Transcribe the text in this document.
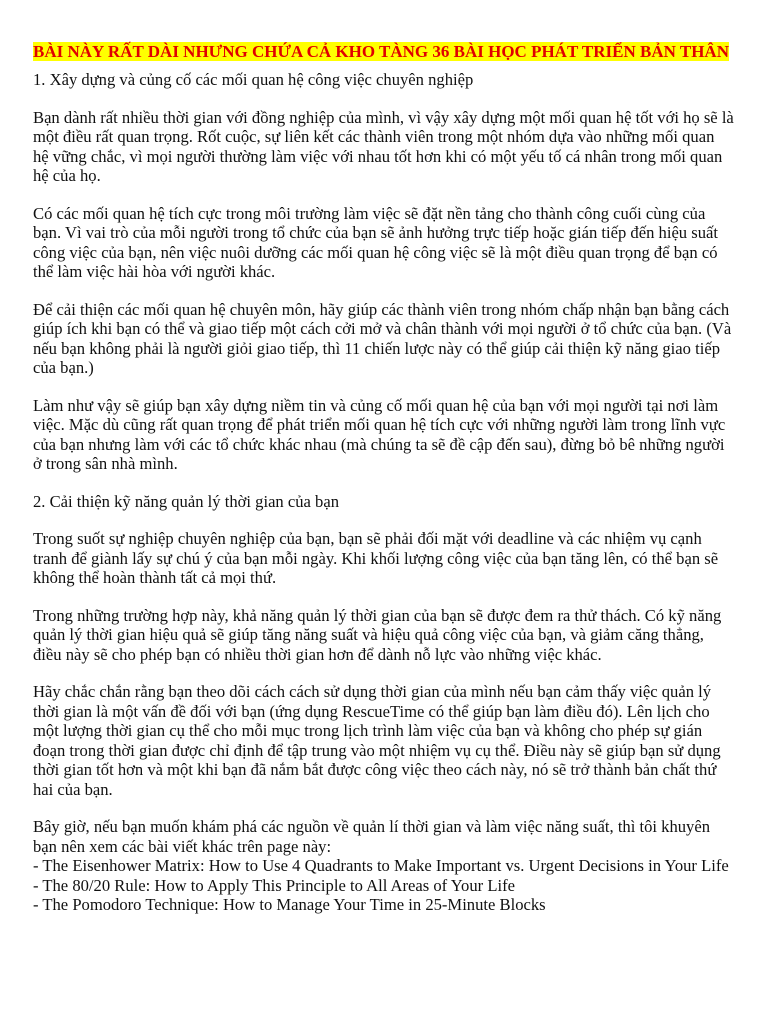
BÀI NÀY RẤT DÀI NHƯNG CHỨA CẢ KHO TÀNG 36 BÀI HỌC PHÁT TRIỂN BẢN THÂN

1. Xây dựng và củng cố các mối quan hệ công việc chuyên nghiệp

Bạn dành rất nhiều thời gian với đồng nghiệp của mình, vì vậy xây dựng một mối quan hệ tốt với họ sẽ là một điều rất quan trọng. Rốt cuộc, sự liên kết các thành viên trong một nhóm dựa vào những mối quan hệ vững chắc, vì mọi người thường làm việc với nhau tốt hơn khi có một yếu tố cá nhân trong mối quan hệ của họ.

Có các mối quan hệ tích cực trong môi trường làm việc sẽ đặt nền tảng cho thành công cuối cùng của bạn. Vì vai trò của mỗi người trong tổ chức của bạn sẽ ảnh hưởng trực tiếp hoặc gián tiếp đến hiệu suất công việc của bạn, nên việc nuôi dưỡng các mối quan hệ công việc sẽ là một điều quan trọng để bạn có thể làm việc hài hòa với người khác.

Để cải thiện các mối quan hệ chuyên môn, hãy giúp các thành viên trong nhóm chấp nhận bạn bằng cách giúp ích khi bạn có thể và giao tiếp một cách cởi mở và chân thành với mọi người ở tổ chức của bạn. (Và nếu bạn không phải là người giỏi giao tiếp, thì 11 chiến lược này có thể giúp cải thiện kỹ năng giao tiếp của bạn.)

Làm như vậy sẽ giúp bạn xây dựng niềm tin và củng cố mối quan hệ của bạn với mọi người tại nơi làm việc. Mặc dù cũng rất quan trọng để phát triển mối quan hệ tích cực với những người làm trong lĩnh vực của bạn nhưng làm với các tổ chức khác nhau (mà chúng ta sẽ đề cập đến sau), đừng bỏ bê những người ở trong sân nhà mình.

2. Cải thiện kỹ năng quản lý thời gian của bạn

Trong suốt sự nghiệp chuyên nghiệp của bạn, bạn sẽ phải đối mặt với deadline và các nhiệm vụ cạnh tranh để giành lấy sự chú ý của bạn mỗi ngày. Khi khối lượng công việc của bạn tăng lên, có thể bạn sẽ không thể hoàn thành tất cả mọi thứ.

Trong những trường hợp này, khả năng quản lý thời gian của bạn sẽ được đem ra thử thách. Có kỹ năng quản lý thời gian hiệu quả sẽ giúp tăng năng suất và hiệu quả công việc của bạn, và giảm căng thẳng, điều này sẽ cho phép bạn có nhiều thời gian hơn để dành nỗ lực vào những việc khác.

Hãy chắc chắn rằng bạn theo dõi cách cách sử dụng thời gian của mình nếu bạn cảm thấy việc quản lý thời gian là một vấn đề đối với bạn (ứng dụng RescueTime có thể giúp bạn làm điều đó). Lên lịch cho một lượng thời gian cụ thể cho mỗi mục trong lịch trình làm việc của bạn và không cho phép sự gián đoạn trong thời gian được chỉ định để tập trung vào một nhiệm vụ cụ thể. Điều này sẽ giúp bạn sử dụng thời gian tốt hơn và một khi bạn đã nắm bắt được công việc theo cách này, nó sẽ trở thành bản chất thứ hai của bạn.

Bây giờ, nếu bạn muốn khám phá các nguồn về quản lí thời gian và làm việc năng suất, thì tôi khuyên bạn nên xem các bài viết khác trên page này:

- The Eisenhower Matrix: How to Use 4 Quadrants to Make Important vs. Urgent Decisions in Your Life
- The 80/20 Rule: How to Apply This Principle to All Areas of Your Life
- The Pomodoro Technique: How to Manage Your Time in 25-Minute Blocks
